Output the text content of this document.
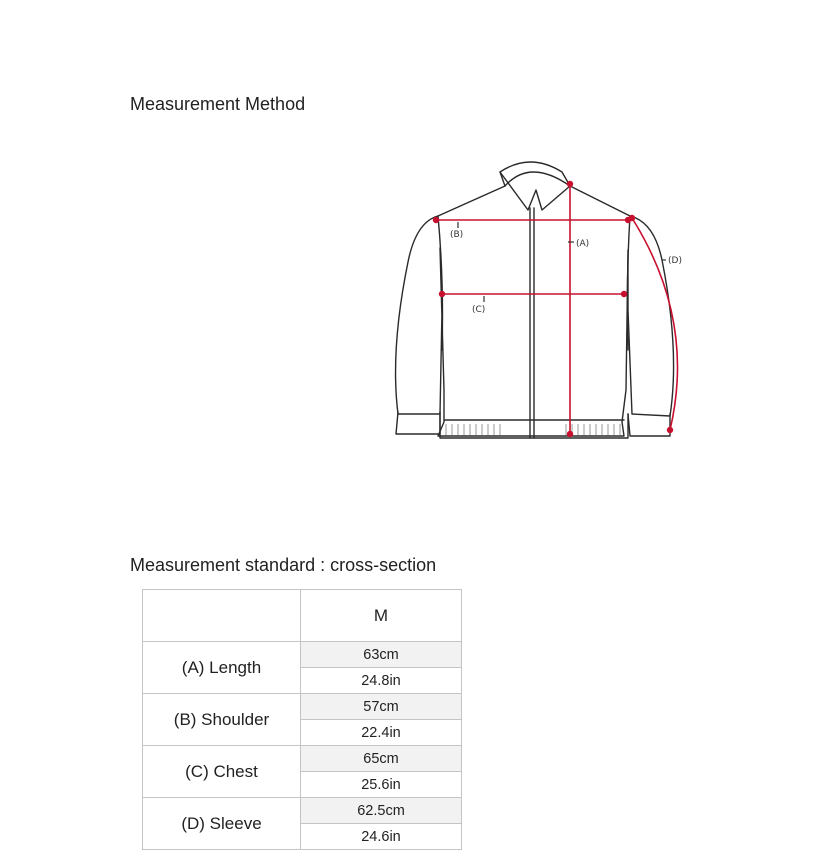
Measurement Method
(B)
(A)
(C)
(D)
Measurement standard : cross-section
	M
(A) Length	63cm
	24.8in
(B) Shoulder	57cm
	22.4in
(C) Chest	65cm
	25.6in
(D) Sleeve	62.5cm
	24.6in
